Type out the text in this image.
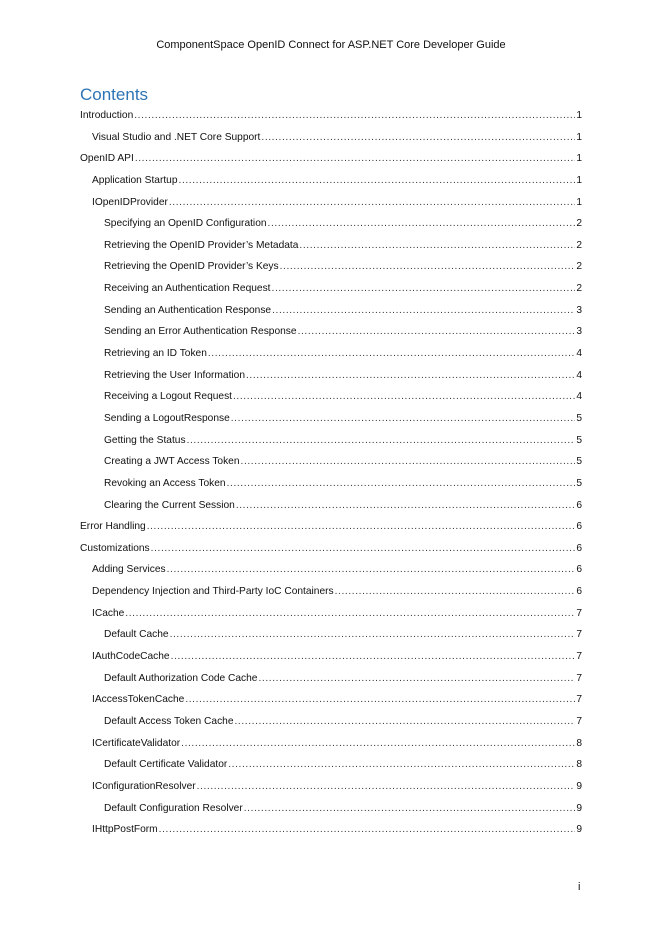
ComponentSpace OpenID Connect for ASP.NET Core Developer Guide
Contents
Introduction .....	1
Visual Studio and .NET Core Support .....	1
OpenID API .....	1
Application Startup .....	1
IOpenIDProvider .....	1
Specifying an OpenID Configuration .....	2
Retrieving the OpenID Provider’s Metadata .....	2
Retrieving the OpenID Provider’s Keys .....	2
Receiving an Authentication Request .....	2
Sending an Authentication Response .....	3
Sending an Error Authentication Response .....	3
Retrieving an ID Token .....	4
Retrieving the User Information .....	4
Receiving a Logout Request .....	4
Sending a LogoutResponse .....	5
Getting the Status .....	5
Creating a JWT Access Token .....	5
Revoking an Access Token .....	5
Clearing the Current Session .....	6
Error Handling .....	6
Customizations .....	6
Adding Services .....	6
Dependency Injection and Third-Party IoC Containers .....	6
ICache .....	7
Default Cache .....	7
IAuthCodeCache .....	7
Default Authorization Code Cache .....	7
IAccessTokenCache .....	7
Default Access Token Cache .....	7
ICertificateValidator .....	8
Default Certificate Validator .....	8
IConfigurationResolver .....	9
Default Configuration Resolver .....	9
IHttpPostForm .....	9
i
